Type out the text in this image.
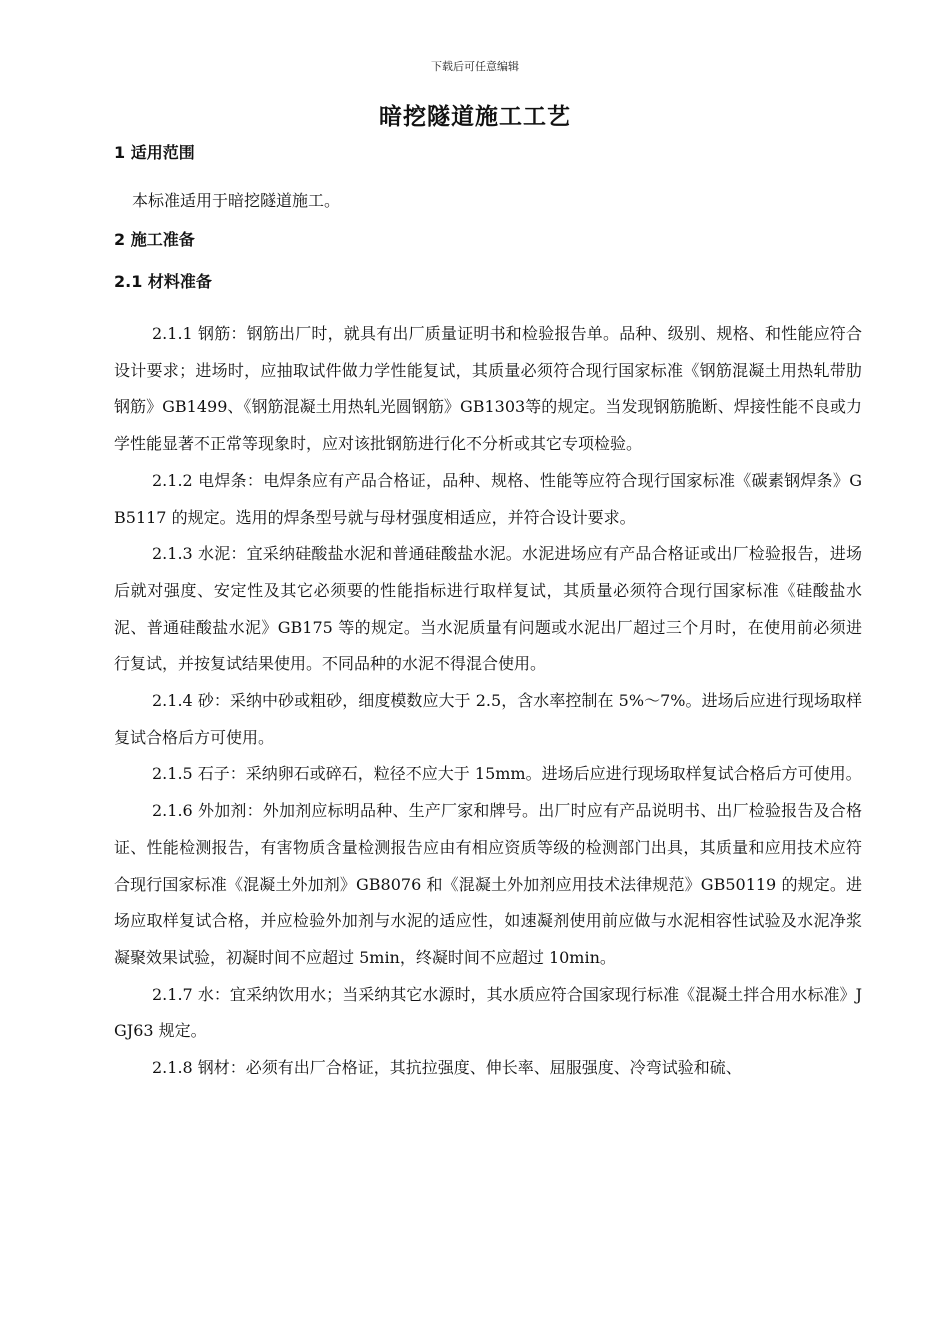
下载后可任意编辑
暗挖隧道施工工艺
1 适用范围

本标准适用于暗挖隧道施工。

2 施工准备
2.1 材料准备

2.1.1 钢筋：钢筋出厂时，就具有出厂质量证明书和检验报告单。品种、级别、规格、和性能应符合设计要求；进场时，应抽取试件做力学性能复试，其质量必须符合现行国家标准《钢筋混凝土用热轧带肋钢筋》GB1499、《钢筋混凝土用热轧光圆钢筋》GB1303等的规定。当发现钢筋脆断、焊接性能不良或力学性能显著不正常等现象时，应对该批钢筋进行化不分析或其它专项检验。

2.1.2 电焊条：电焊条应有产品合格证，品种、规格、性能等应符合现行国家标准《碳素钢焊条》GB5117 的规定。选用的焊条型号就与母材强度相适应，并符合设计要求。

2.1.3 水泥：宜采纳硅酸盐水泥和普通硅酸盐水泥。水泥进场应有产品合格证或出厂检验报告，进场后就对强度、安定性及其它必须要的性能指标进行取样复试，其质量必须符合现行国家标准《硅酸盐水泥、普通硅酸盐水泥》GB175 等的规定。当水泥质量有问题或水泥出厂超过三个月时，在使用前必须进行复试，并按复试结果使用。不同品种的水泥不得混合使用。

2.1.4 砂：采纳中砂或粗砂，细度模数应大于 2.5，含水率控制在 5%～7%。进场后应进行现场取样复试合格后方可使用。

2.1.5 石子：采纳卵石或碎石，粒径不应大于 15mm。进场后应进行现场取样复试合格后方可使用。

2.1.6 外加剂：外加剂应标明品种、生产厂家和牌号。出厂时应有产品说明书、出厂检验报告及合格证、性能检测报告，有害物质含量检测报告应由有相应资质等级的检测部门出具，其质量和应用技术应符合现行国家标准《混凝土外加剂》GB8076 和《混凝土外加剂应用技术法律规范》GB50119 的规定。进场应取样复试合格，并应检验外加剂与水泥的适应性，如速凝剂使用前应做与水泥相容性试验及水泥净浆凝聚效果试验，初凝时间不应超过 5min，终凝时间不应超过 10min。

2.1.7 水：宜采纳饮用水；当采纳其它水源时，其水质应符合国家现行标准《混凝土拌合用水标准》JGJ63 规定。

2.1.8 钢材：必须有出厂合格证，其抗拉强度、伸长率、屈服强度、冷弯试验和硫、
